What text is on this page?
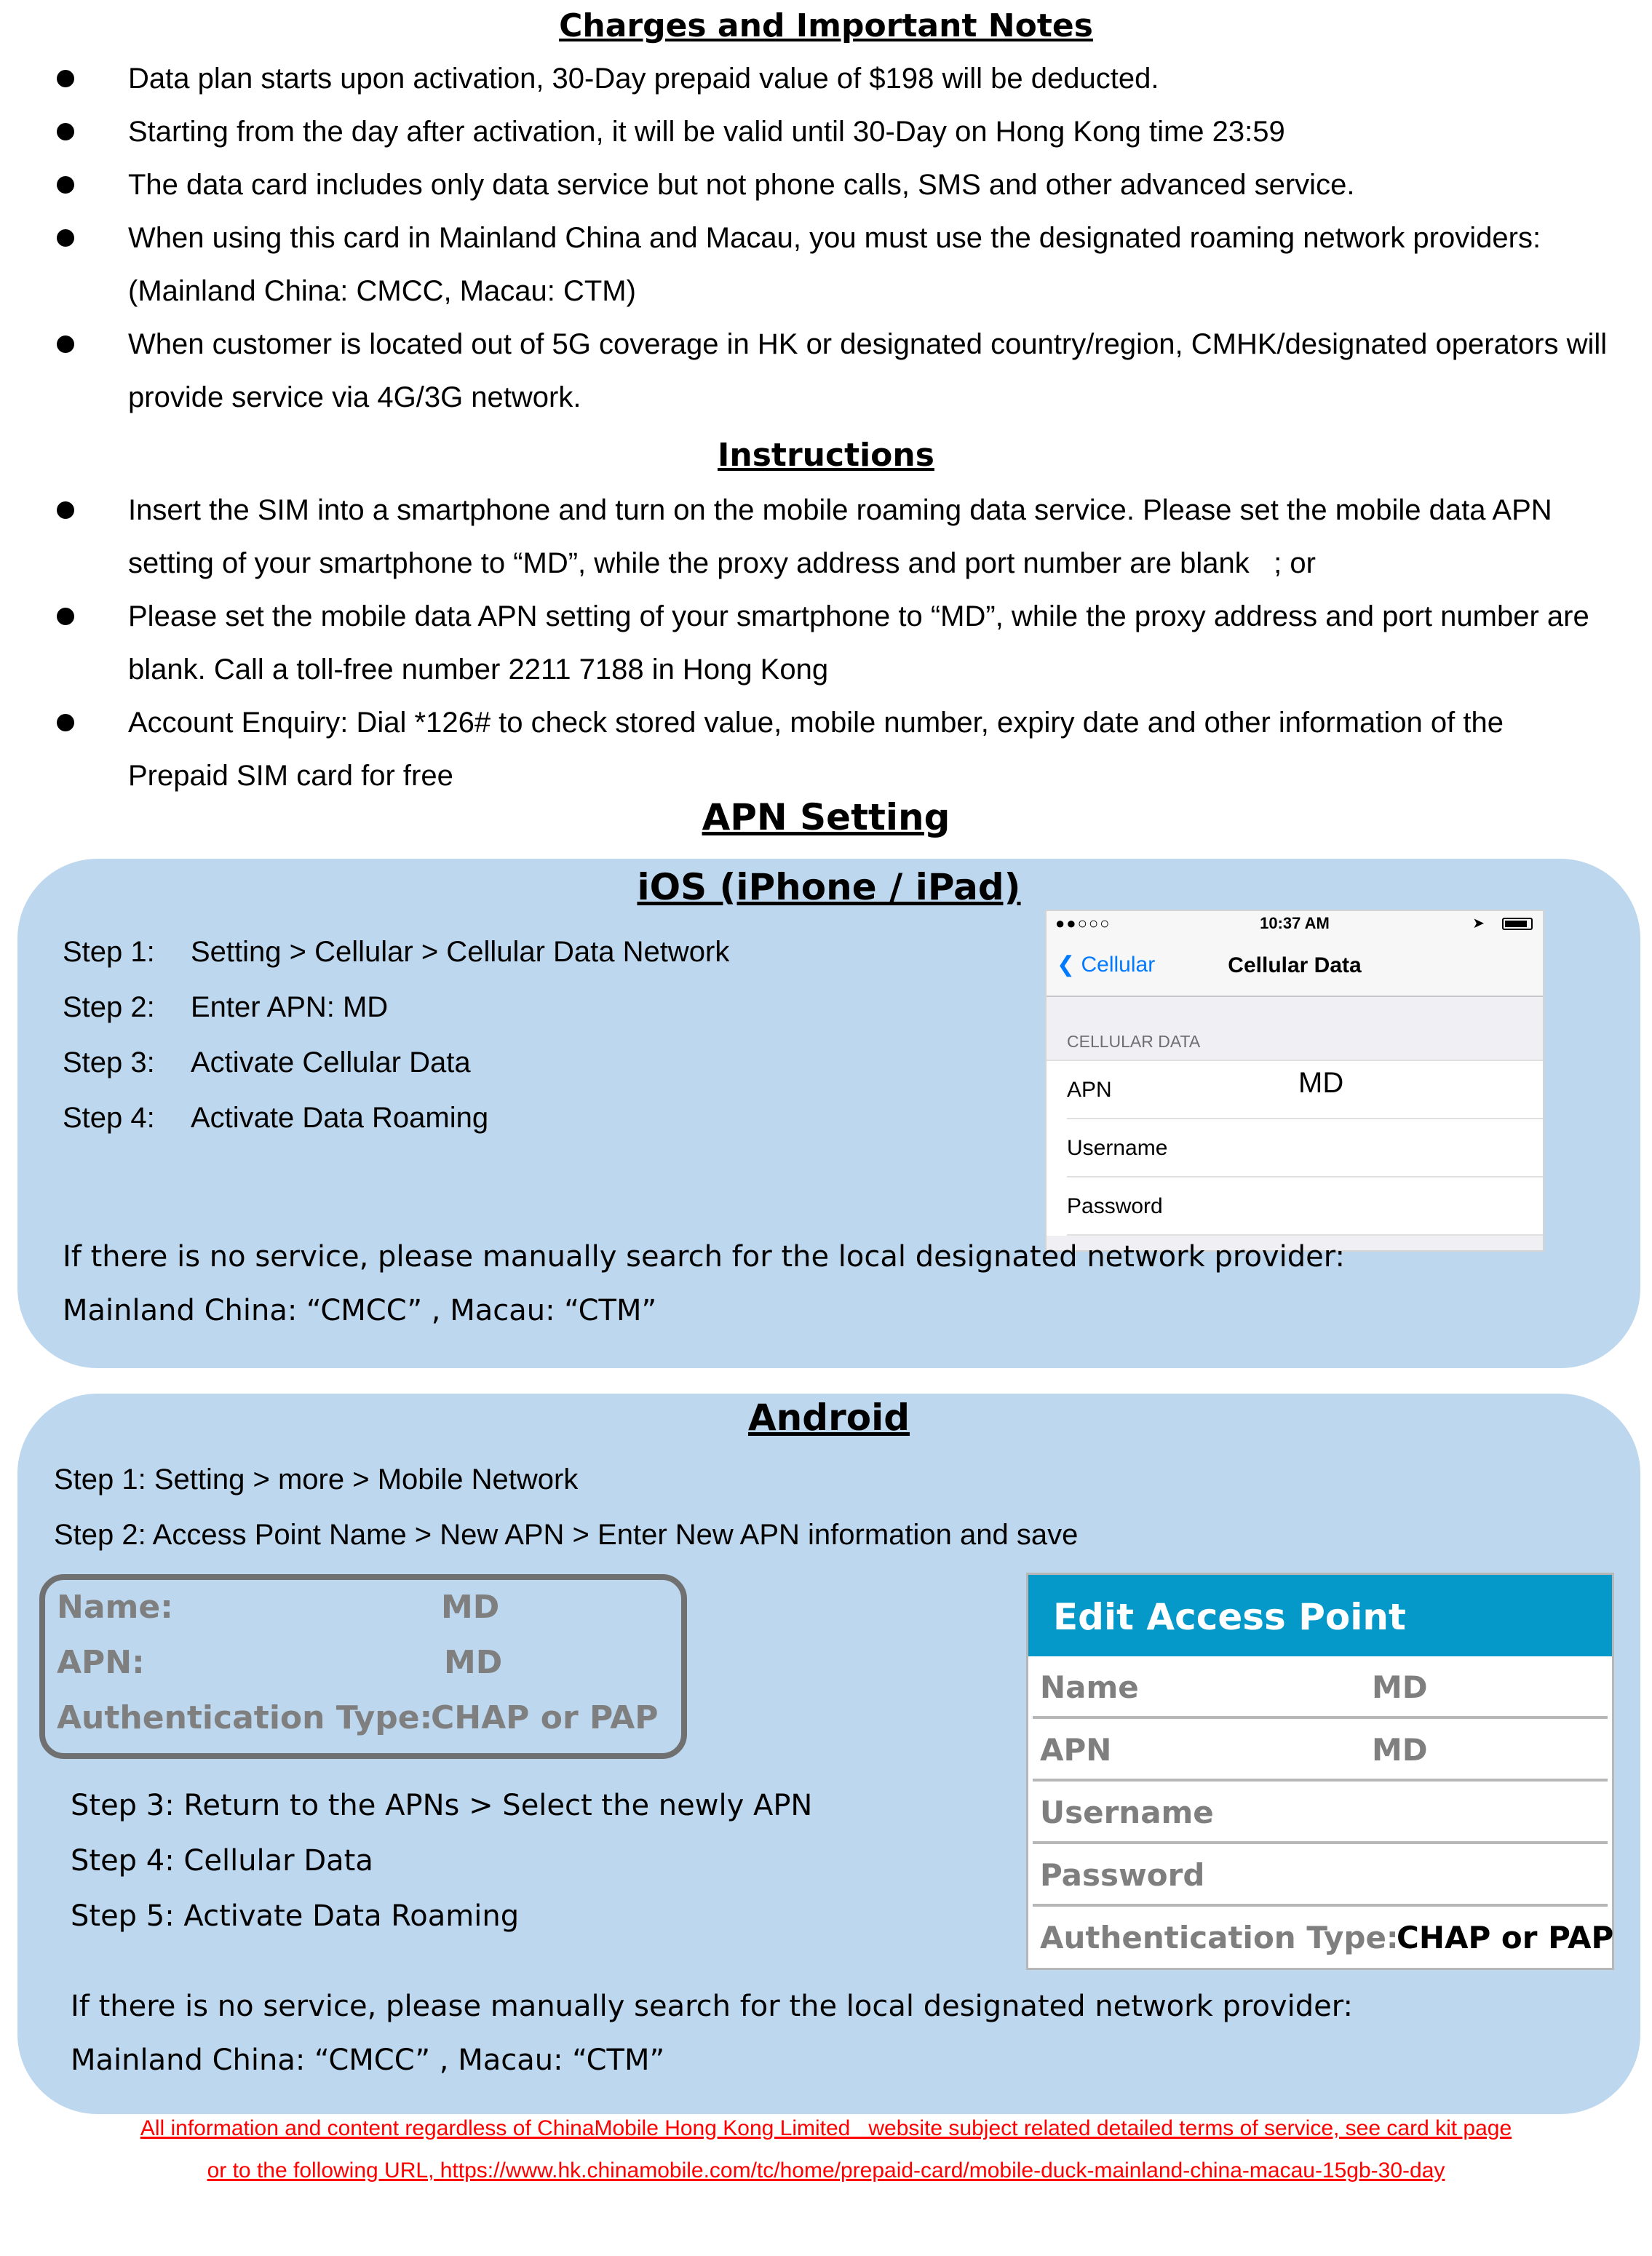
Charges and Important Notes
Data plan starts upon activation, 30-Day prepaid value of $198 will be deducted.
Starting from the day after activation, it will be valid until 30-Day on Hong Kong time 23:59
The data card includes only data service but not phone calls, SMS and other advanced service.
When using this card in Mainland China and Macau, you must use the designated roaming network providers: (Mainland China: CMCC, Macau: CTM)
When customer is located out of 5G coverage in HK or designated country/region, CMHK/designated operators will provide service via 4G/3G network.
Instructions
Insert the SIM into a smartphone and turn on the mobile roaming data service. Please set the mobile data APN setting of your smartphone to “MD”, while the proxy address and port number are blank   ; or
Please set the mobile data APN setting of your smartphone to “MD”, while the proxy address and port number are blank. Call a toll-free number 2211 7188 in Hong Kong
Account Enquiry: Dial *126# to check stored value, mobile number, expiry date and other information of the Prepaid SIM card for free
APN Setting
iOS (iPhone / iPad)
Step 1: Setting > Cellular > Cellular Data Network
Step 2: Enter APN: MD
Step 3: Activate Cellular Data
Step 4: Activate Data Roaming
●●○○○	10:37 AM	➤
❮ Cellular	Cellular Data
CELLULAR DATA
APN	MD
Username
Password
If there is no service, please manually search for the local designated network provider:
Mainland China: “CMCC” , Macau: “CTM”
Android
Step 1: Setting > more > Mobile Network
Step 2: Access Point Name > New APN > Enter New APN information and save
Name:	MD
APN:	MD
Authentication Type:
CHAP or PAP
Step 3: Return to the APNs > Select the newly APN
Step 4: Cellular Data
Step 5: Activate Data Roaming
Edit Access Point
Name	MD
APN	MD
Username
Password
Authentication Type:
CHAP or PAP
If there is no service, please manually search for the local designated network provider:
Mainland China: “CMCC” , Macau: “CTM”
All information and content regardless of ChinaMobile Hong Kong Limited   website subject related detailed terms of service, see card kit page
or to the following URL, https://www.hk.chinamobile.com/tc/home/prepaid-card/mobile-duck-mainland-china-macau-15gb-30-day
